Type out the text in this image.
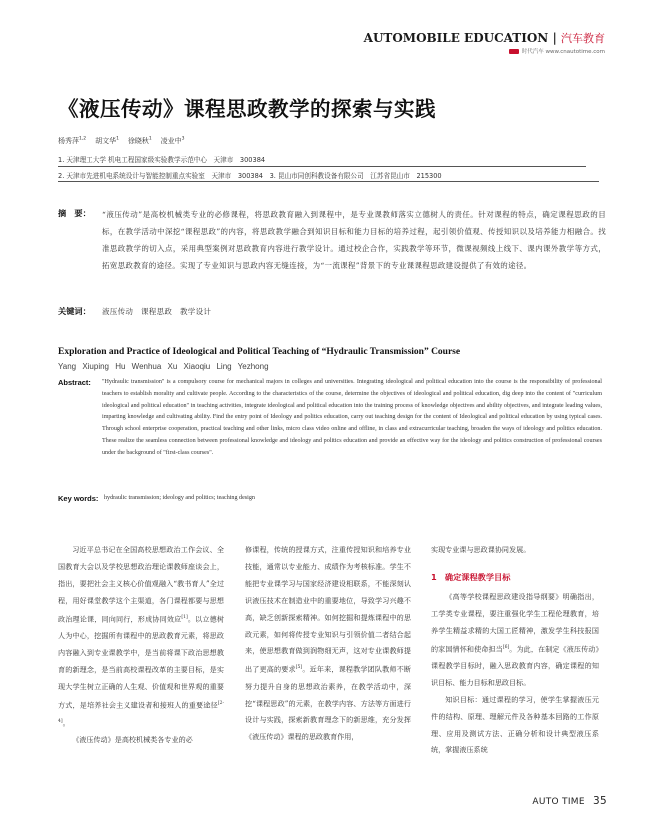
AUTOMOBILE EDUCATION | 汽车教育
时代汽车 www.cnautotime.com
《液压传动》课程思政教学的探索与实践
杨秀萍$^{1,2}$ 胡文华$^1$ 徐晓秋$^1$ 凌业中$^3$
1. 天津理工大学 机电工程国家级实验教学示范中心　天津市　300384
2. 天津市先进机电系统设计与智能控制重点实验室　天津市　300384　3. 昆山市同创科教设备有限公司　江苏省昆山市　215300
摘　要： “液压传动”是高校机械类专业的必修课程，将思政教育融入到课程中，是专业课教师落实立德树人的责任。针对课程的特点，确定课程思政的目标，在教学活动中深挖“课程思政”的内容，将思政教学融合到知识目标和能力目标的培养过程，起引领价值观、传授知识以及培养能力相融合。找准思政教学的切入点，采用典型案例对思政教育内容进行教学设计。通过校企合作，实践教学等环节，微课视频线上线下、课内课外教学等方式，拓宽思政教育的途径。实现了专业知识与思政内容无缝连接，为“一流课程”背景下的专业课课程思政建设提供了有效的途径。
关键词： 液压传动　课程思政　教学设计
Exploration and Practice of Ideological and Political Teaching of “Hydraulic Transmission” Course
Yang Xiuping Hu Wenhua Xu Xiaoqiu Ling Yezhong
Abstract: "Hydraulic transmission" is a compulsory course for mechanical majors in colleges and universities. Integrating ideological and political education into the course is the responsibility of professional teachers to establish morality and cultivate people. According to the characteristics of the course, determine the objectives of ideological and political education, dig deep into the content of "curriculum ideological and political education" in teaching activities, integrate ideological and political education into the training process of knowledge objectives and ability objectives, and integrate leading values, imparting knowledge and cultivating ability. Find the entry point of Ideology and politics education, carry out teaching design for the content of Ideological and political education by using typical cases. Through school enterprise cooperation, practical teaching and other links, micro class video online and offline, in class and extracurricular teaching, broaden the ways of ideology and politics education. These realize the seamless connection between professional knowledge and ideology and politics education and provide an effective way for the ideology and politics construction of professional courses under the background of "first-class courses".
Key words: hydraulic transmission; ideology and politics; teaching design

习近平总书记在全国高校思想政治工作会议、全国教育大会以及学校思想政治理论课教师座谈会上，指出，要把社会主义核心价值观融入“教书育人”全过程，用好课堂教学这个主渠道，各门课程都要与思想政治理论课，同向同行，形成协同效应[1]。以立德树人为中心，挖掘所有课程中的思政教育元素，将思政内容融入到专业课教学中，是当前将课下政治思想教育的新理念，是当前高校课程改革的主要目标，是实现大学生树立正确的人生观、价值观和世界观的重要方式，是培养社会主义建设者和接班人的重要途径[2-4]。

《液压传动》是高校机械类各专业的必

修课程，传统的授课方式，注重传授知识和培养专业技能，通常以专业能力、成绩作为考核标准。学生不能把专业课学习与国家经济建设相联系，不能深刻认识液压技术在制造业中的重要地位，导致学习兴趣不高，缺乏创新探索精神。如何挖掘和提炼课程中的思政元素，如何将传授专业知识与引领价值二者结合起来，使思想教育做到润物细无声，这对专业课教师提出了更高的要求[5]。近年来，课程教学团队教师不断努力提升自身的思想政治素养，在教学活动中，深挖“课程思政”的元素，在教学内容、方法等方面进行设计与实践，探索新教育理念下的新思维，充分发挥《液压传动》课程的思政教育作用，

实现专业课与思政课协同发展。

1　确定课程教学目标

《高等学校课程思政建设指导纲要》明确指出，工学类专业课程，要注重强化学生工程伦理教育，培养学生精益求精的大国工匠精神，激发学生科技报国的家国情怀和使命担当[6]。为此，在制定《液压传动》课程教学目标时，融入思政教育内容，确定课程的知识目标、能力目标和思政目标。

知识目标：通过课程的学习，使学生掌握液压元件的结构、原理、理解元件及各种基本回路的工作原理、应用及测试方法、正确分析和设计典型液压系统，掌握液压系统

AUTO TIME 35
